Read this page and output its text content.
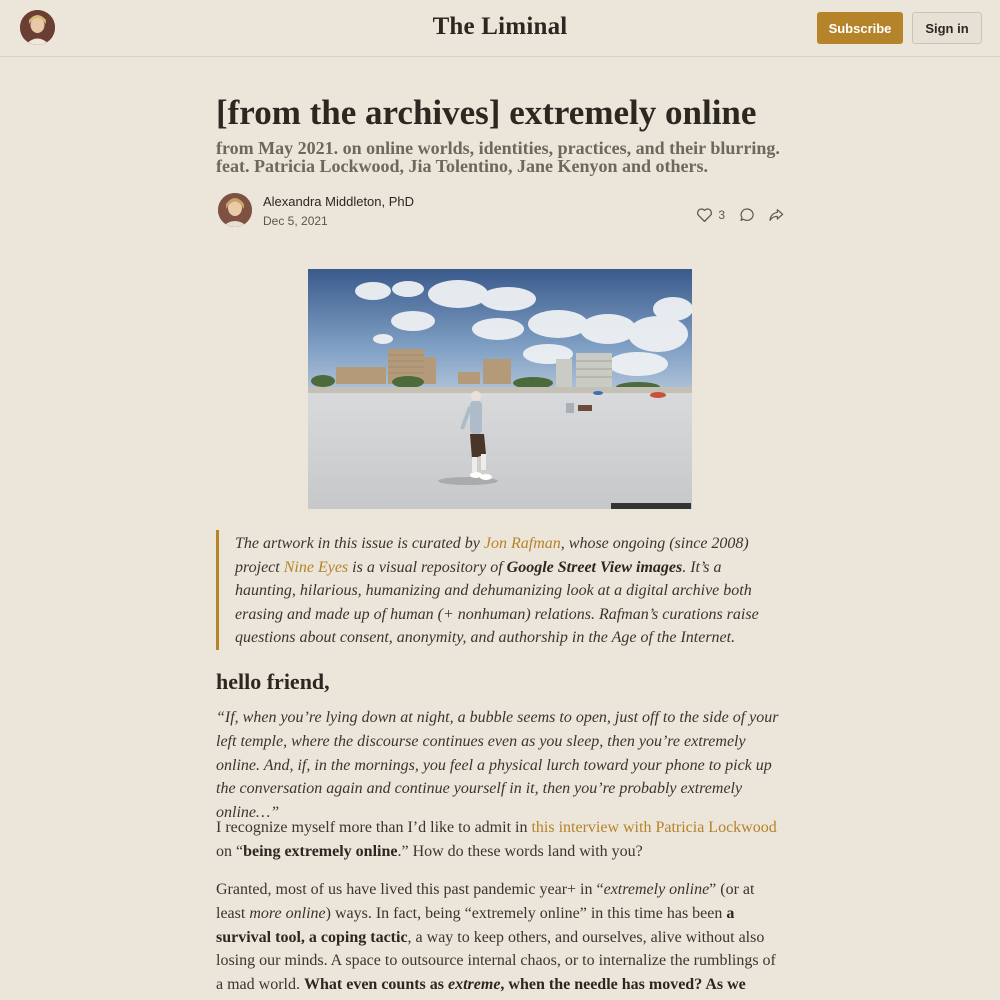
The Liminal	Subscribe	Sign in
[from the archives] extremely online
from May 2021. on online worlds, identities, practices, and their blurring. feat. Patricia Lockwood, Jia Tolentino, Jane Kenyon and others.
Alexandra Middleton, PhD
Dec 5, 2021	3

The artwork in this issue is curated by Jon Rafman, whose ongoing (since 2008) project Nine Eyes is a visual repository of Google Street View images. It’s a haunting, hilarious, humanizing and dehumanizing look at a digital archive both erasing and made up of human (+ nonhuman) relations. Rafman’s curations raise questions about consent, anonymity, and authorship in the Age of the Internet.

hello friend,

“If, when you’re lying down at night, a bubble seems to open, just off to the side of your left temple, where the discourse continues even as you sleep, then you’re extremely online. And, if, in the mornings, you feel a physical lurch toward your phone to pick up the conversation again and continue yourself in it, then you’re probably extremely online…”

I recognize myself more than I’d like to admit in this interview with Patricia Lockwood on “being extremely online.” How do these words land with you?

Granted, most of us have lived this past pandemic year+ in “extremely online” (or at least more online) ways. In fact, being “extremely online” in this time has been a survival tool, a coping tactic, a way to keep others, and ourselves, alive without also losing our minds. A space to outsource internal chaos, or to internalize the rumblings of a mad world. What even counts as extreme, when the needle has moved? As we
